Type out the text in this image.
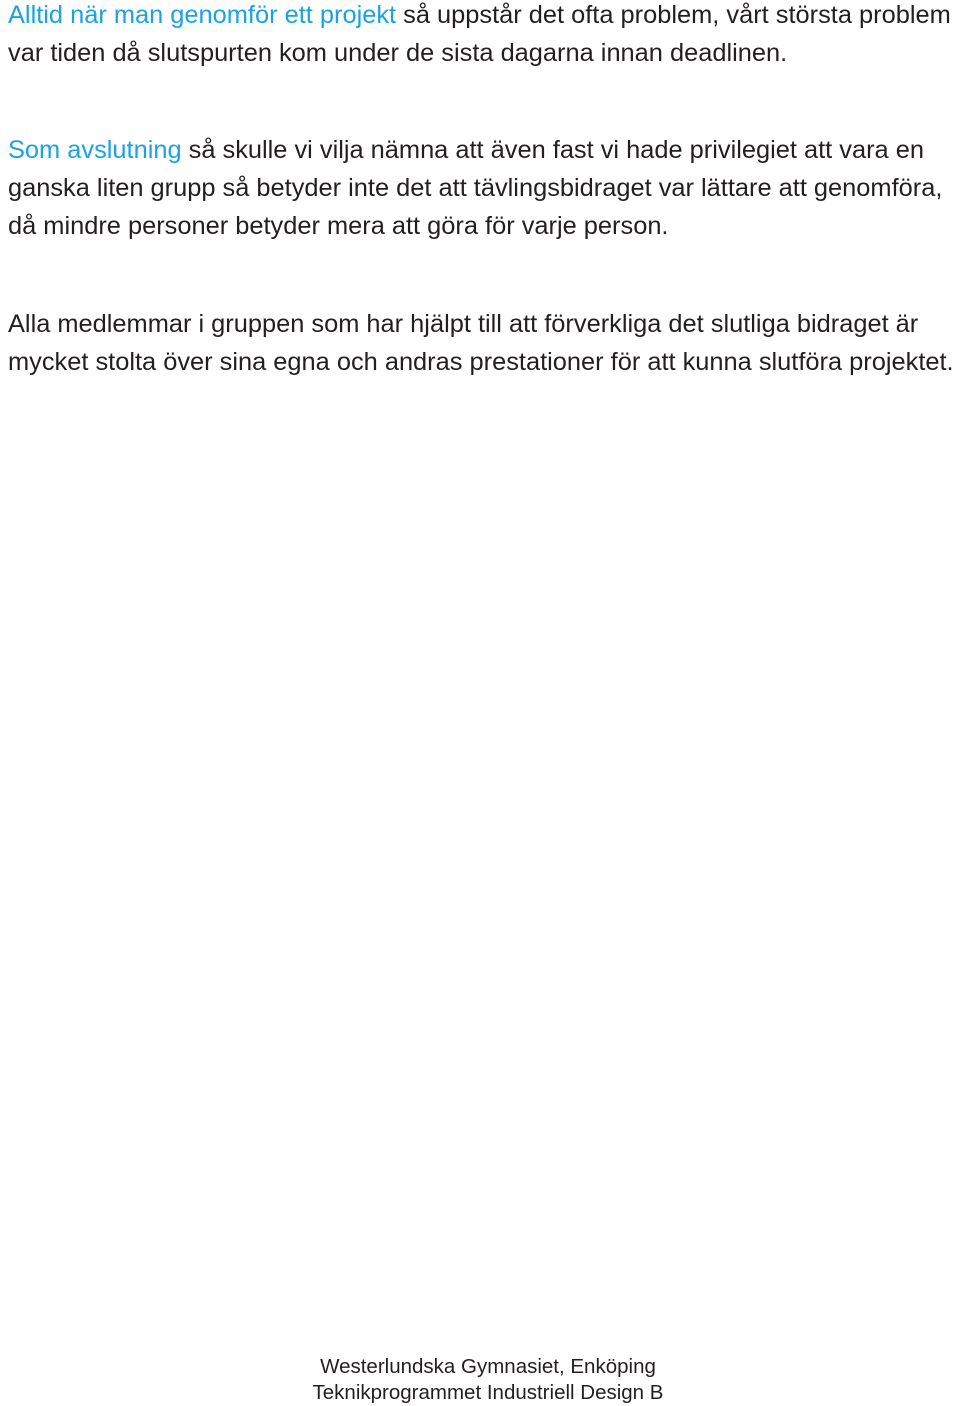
Alltid när man genomför ett projekt så uppstår det ofta problem, vårt största problem var tiden då slutspurten kom under de sista dagarna innan deadlinen.

Som avslutning så skulle vi vilja nämna att även fast vi hade privilegiet att vara en ganska liten grupp så betyder inte det att tävlingsbidraget var lättare att genomföra, då mindre personer betyder mera att göra för varje person.

Alla medlemmar i gruppen som har hjälpt till att förverkliga det slutliga bidraget är mycket stolta över sina egna och andras prestationer för att kunna slutföra projektet.

Westerlundska Gymnasiet, Enköping
Teknikprogrammet Industriell Design B
